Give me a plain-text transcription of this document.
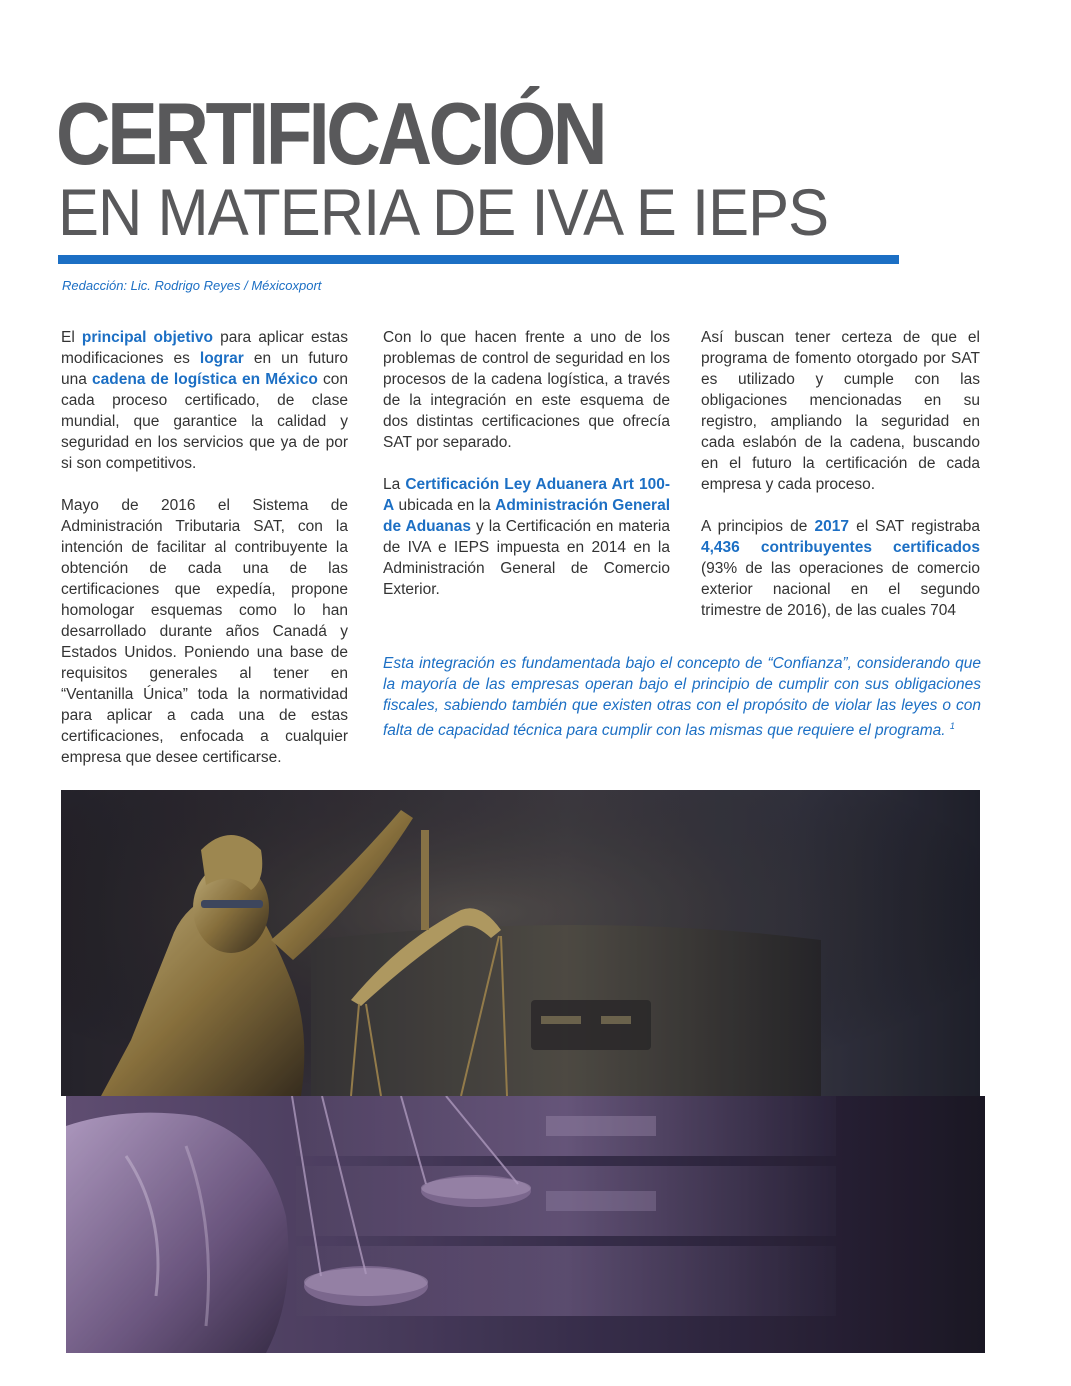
CERTIFICACIÓN
EN MATERIA DE IVA E IEPS
Redacción: Lic. Rodrigo Reyes / Méxicoxport

El principal objetivo para aplicar estas modificaciones es lograr en un futuro una cadena de logística en México con cada proceso certificado, de clase mundial, que garantice la calidad y seguridad en los servicios que ya de por si son competitivos.

Mayo de 2016 el Sistema de Administración Tributaria SAT, con la intención de facilitar al contribuyente la obtención de cada una de las certificaciones que expedía, propone homologar esquemas como lo han desarrollado durante años Canadá y Estados Unidos. Poniendo una base de requisitos generales al tener en “Ventanilla Única” toda la normatividad para aplicar a cada una de estas certificaciones, enfocada a cualquier empresa que desee certificarse.

Con lo que hacen frente a uno de los problemas de control de seguridad en los procesos de la cadena logística, a través de la integración en este esquema de dos distintas certificaciones que ofrecía SAT por separado.

La Certificación Ley Aduanera Art 100-A ubicada en la Administración General de Aduanas y la Certificación en materia de IVA e IEPS impuesta en 2014 en la Administración General de Comercio Exterior.

Así buscan tener certeza de que el programa de fomento otorgado por SAT es utilizado y cumple con las obligaciones mencionadas en su registro, ampliando la seguridad en cada eslabón de la cadena, buscando en el futuro la certificación de cada empresa y cada proceso.

A principios de 2017 el SAT registraba 4,436 contribuyentes certificados (93% de las operaciones de comercio exterior nacional en el segundo trimestre de 2016), de las cuales 704

Esta integración es fundamentada bajo el concepto de “Confianza”, considerando que la mayoría de las empresas operan bajo el principio de cumplir con sus obligaciones fiscales, sabiendo también que existen otras con el propósito de violar las leyes o con falta de capacidad técnica para cumplir con las mismas que requiere el programa. $^1$
